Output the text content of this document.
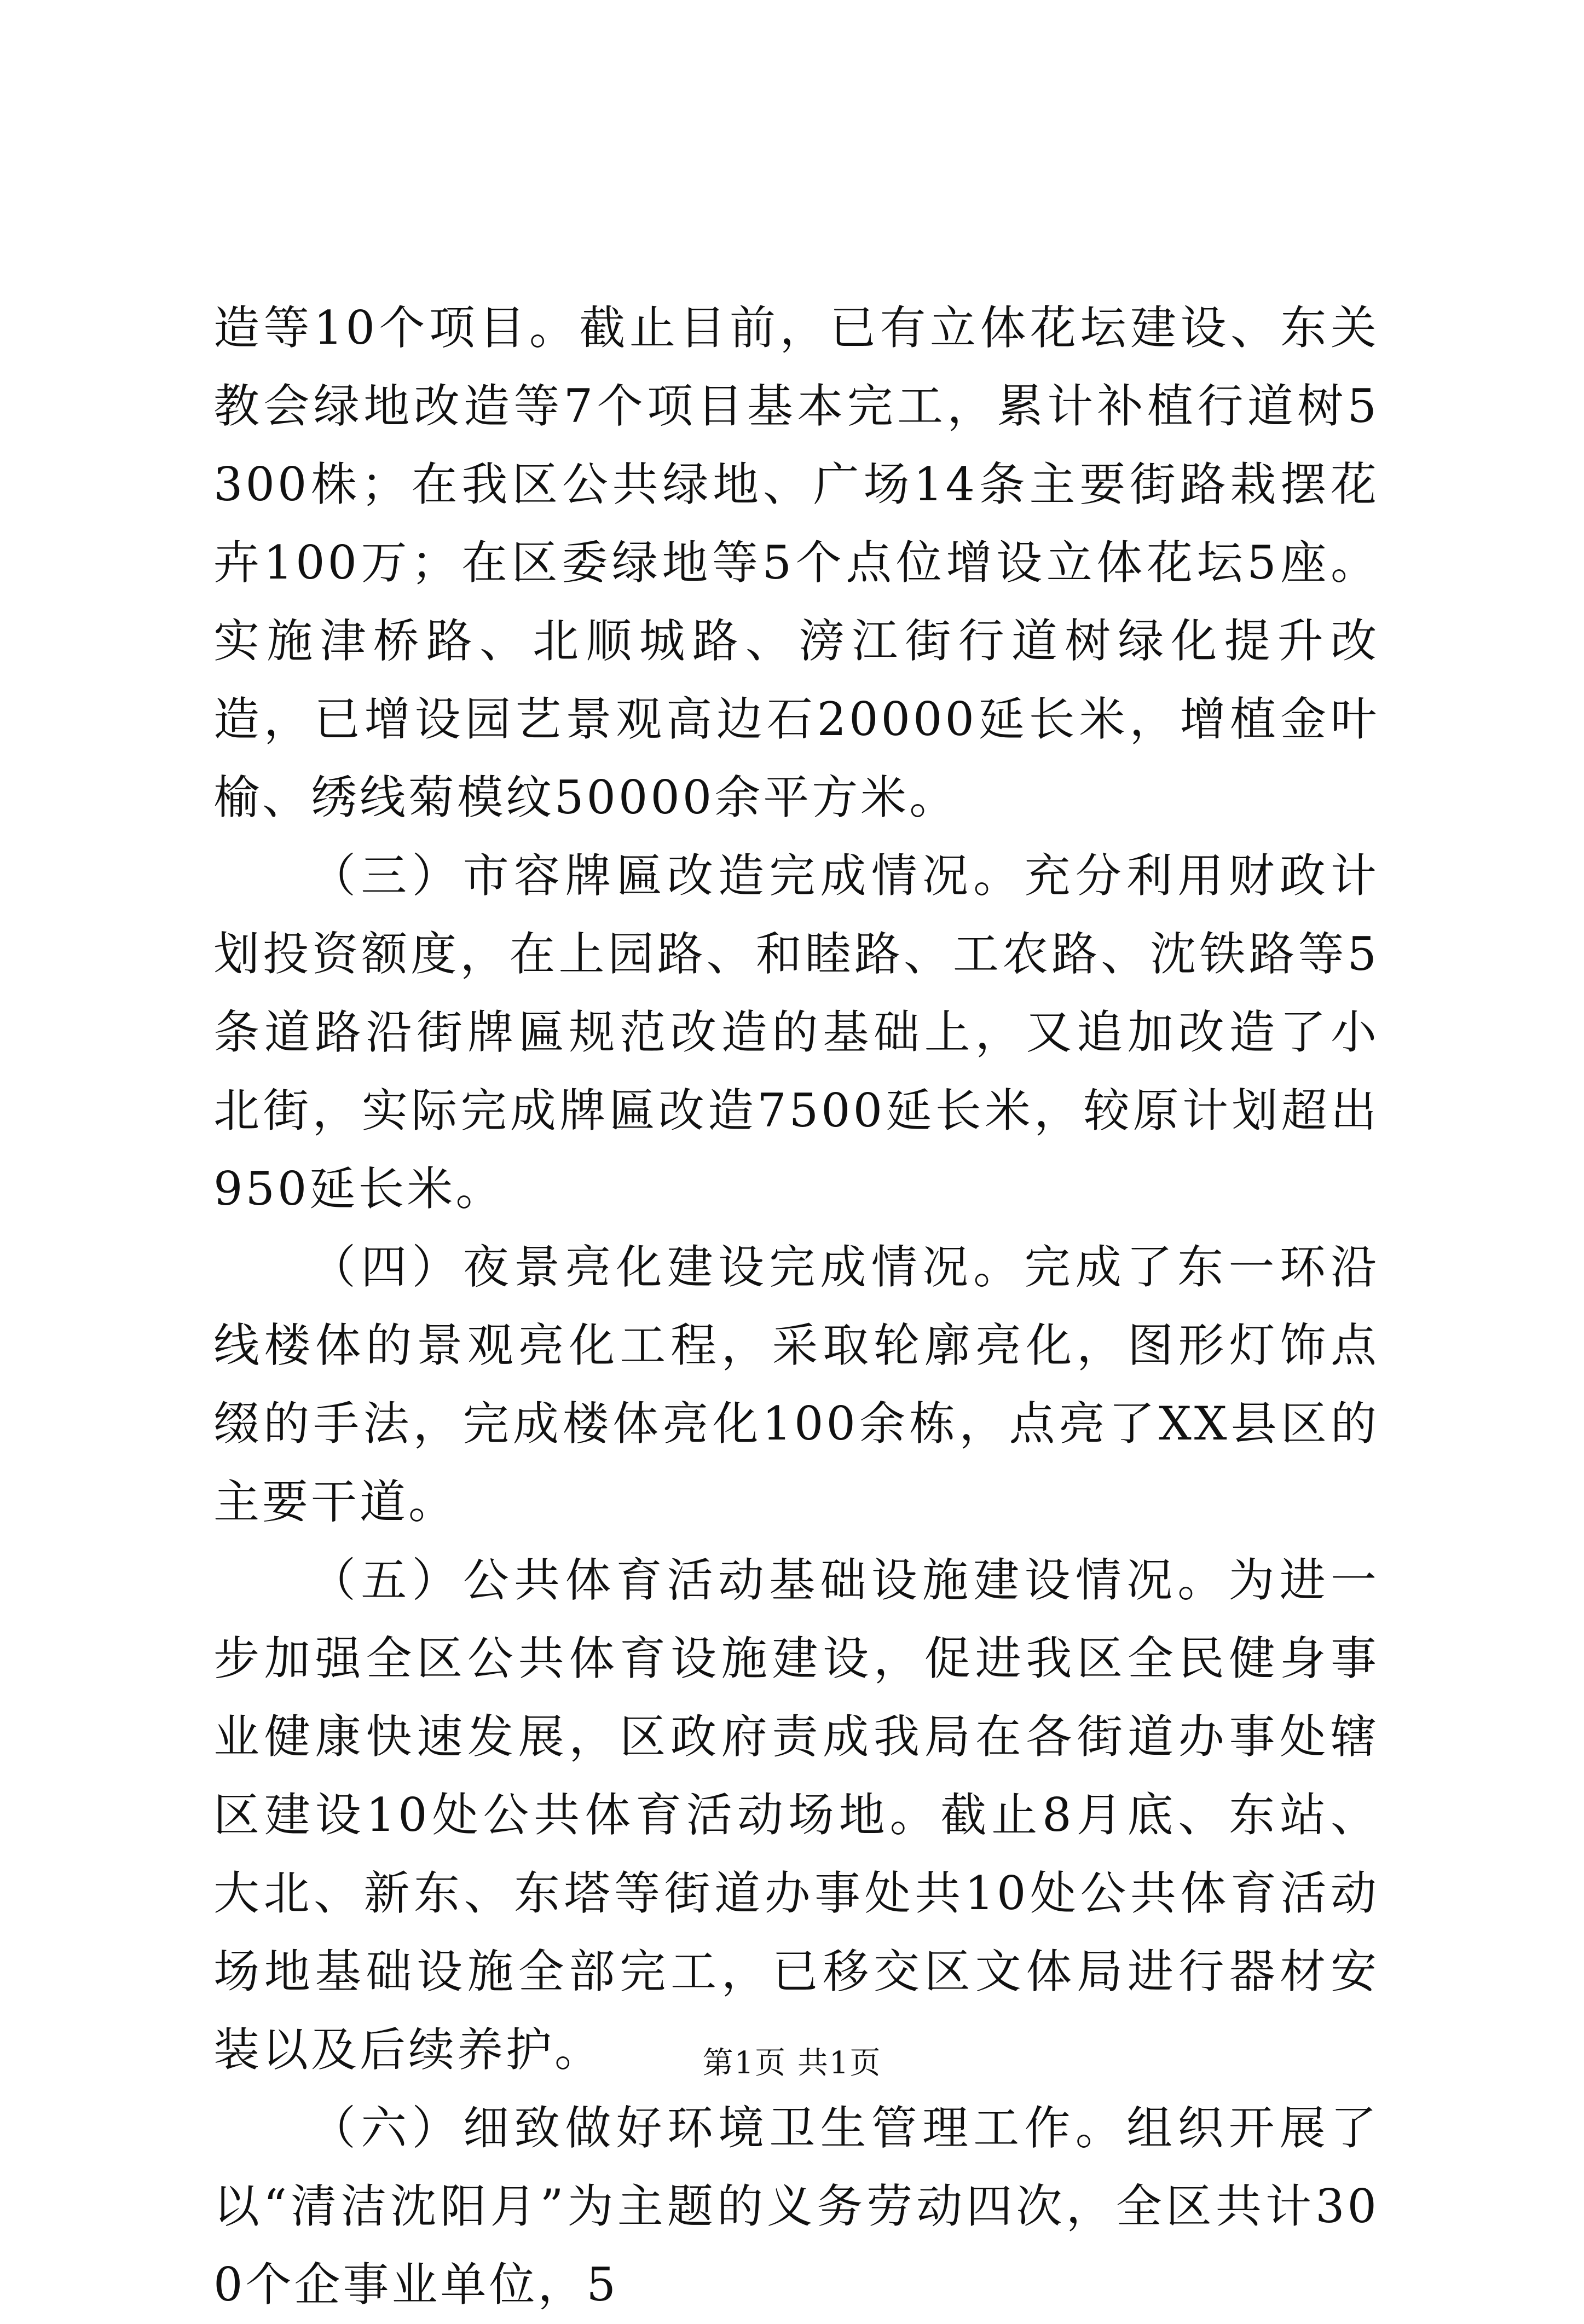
造等10个项目。截止目前，已有立体花坛建设、东关教会绿地改造等7个项目基本完工，累计补植行道树5300株；在我区公共绿地、广场14条主要街路栽摆花卉100万；在区委绿地等5个点位增设立体花坛5座。实施津桥路、北顺城路、滂江街行道树绿化提升改造，已增设园艺景观高边石20000延长米，增植金叶榆、绣线菊模纹50000余平方米。

（三）市容牌匾改造完成情况。充分利用财政计划投资额度，在上园路、和睦路、工农路、沈铁路等5条道路沿街牌匾规范改造的基础上，又追加改造了小北街，实际完成牌匾改造7500延长米，较原计划超出950延长米。

（四）夜景亮化建设完成情况。完成了东一环沿线楼体的景观亮化工程，采取轮廓亮化，图形灯饰点缀的手法，完成楼体亮化100余栋，点亮了XX县区的主要干道。

（五）公共体育活动基础设施建设情况。为进一步加强全区公共体育设施建设，促进我区全民健身事业健康快速发展，区政府责成我局在各街道办事处辖区建设10处公共体育活动场地。截止8月底、东站、大北、新东、东塔等街道办事处共10处公共体育活动场地基础设施全部完工，已移交区文体局进行器材安装以及后续养护。

（六）细致做好环境卫生管理工作。组织开展了以“清洁沈阳月”为主题的义务劳动四次，全区共计300个企事业单位，5

第1页 共1页
